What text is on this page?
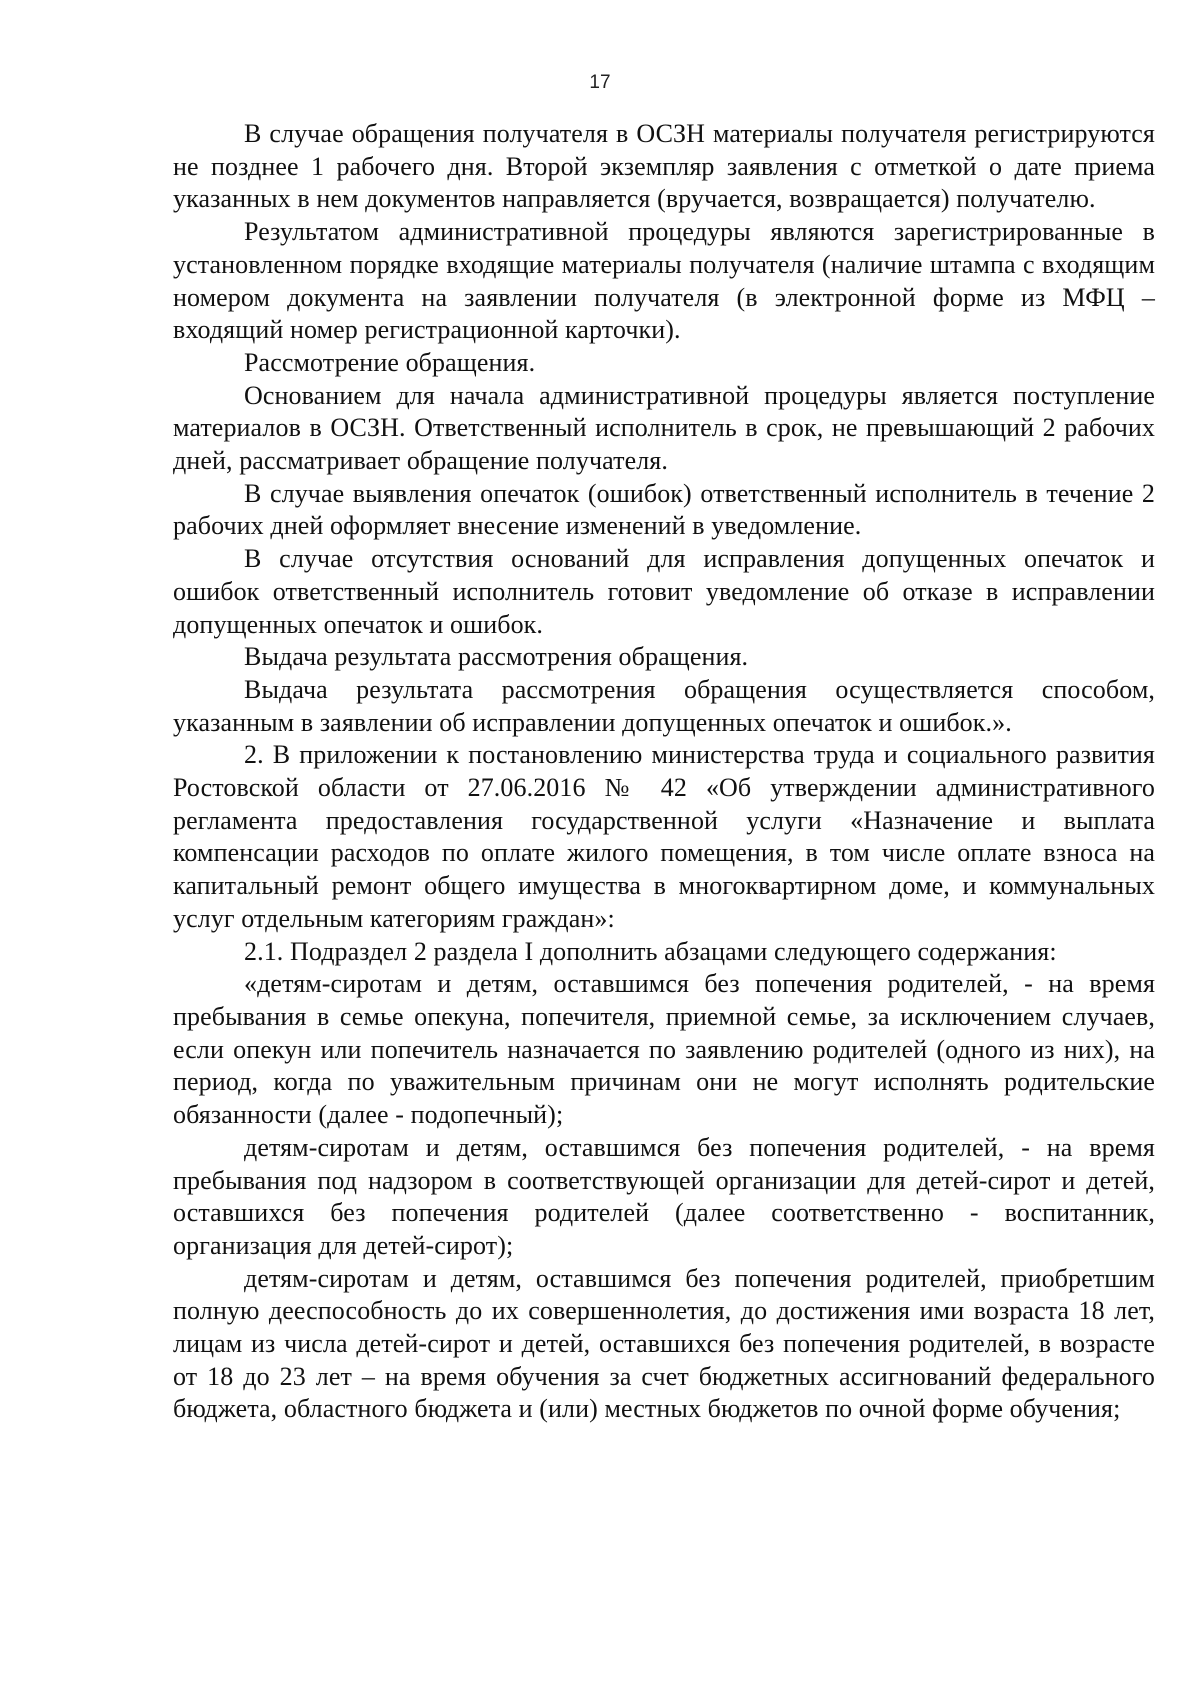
17

В случае обращения получателя в ОСЗН материалы получателя регистрируются не позднее 1 рабочего дня. Второй экземпляр заявления с отметкой о дате приема указанных в нем документов направляется (вручается, возвращается) получателю.

Результатом административной процедуры являются зарегистрированные в установленном порядке входящие материалы получателя (наличие штампа с входящим номером документа на заявлении получателя (в электронной форме из МФЦ – входящий номер регистрационной карточки).

Рассмотрение обращения.

Основанием для начала административной процедуры является поступление материалов в ОСЗН. Ответственный исполнитель в срок, не превышающий 2 рабочих дней, рассматривает обращение получателя.

В случае выявления опечаток (ошибок) ответственный исполнитель в течение 2 рабочих дней оформляет внесение изменений в уведомление.

В случае отсутствия оснований для исправления допущенных опечаток и ошибок ответственный исполнитель готовит уведомление об отказе в исправлении допущенных опечаток и ошибок.

Выдача результата рассмотрения обращения.

Выдача результата рассмотрения обращения осуществляется способом, указанным в заявлении об исправлении допущенных опечаток и ошибок.».

2. В приложении к постановлению министерства труда и социального развития Ростовской области от 27.06.2016 № 42 «Об утверждении административного регламента предоставления государственной услуги «Назначение и выплата компенсации расходов по оплате жилого помещения, в том числе оплате взноса на капитальный ремонт общего имущества в многоквартирном доме, и коммунальных услуг отдельным категориям граждан»:

2.1. Подраздел 2 раздела I дополнить абзацами следующего содержания:

«детям-сиротам и детям, оставшимся без попечения родителей, - на время пребывания в семье опекуна, попечителя, приемной семье, за исключением случаев, если опекун или попечитель назначается по заявлению родителей (одного из них), на период, когда по уважительным причинам они не могут исполнять родительские обязанности (далее - подопечный);

детям-сиротам и детям, оставшимся без попечения родителей, - на время пребывания под надзором в соответствующей организации для детей-сирот и детей, оставшихся без попечения родителей (далее соответственно - воспитанник, организация для детей-сирот);

детям-сиротам и детям, оставшимся без попечения родителей, приобретшим полную дееспособность до их совершеннолетия, до достижения ими возраста 18 лет, лицам из числа детей-сирот и детей, оставшихся без попечения родителей, в возрасте от 18 до 23 лет – на время обучения за счет бюджетных ассигнований федерального бюджета, областного бюджета и (или) местных бюджетов по очной форме обучения;
